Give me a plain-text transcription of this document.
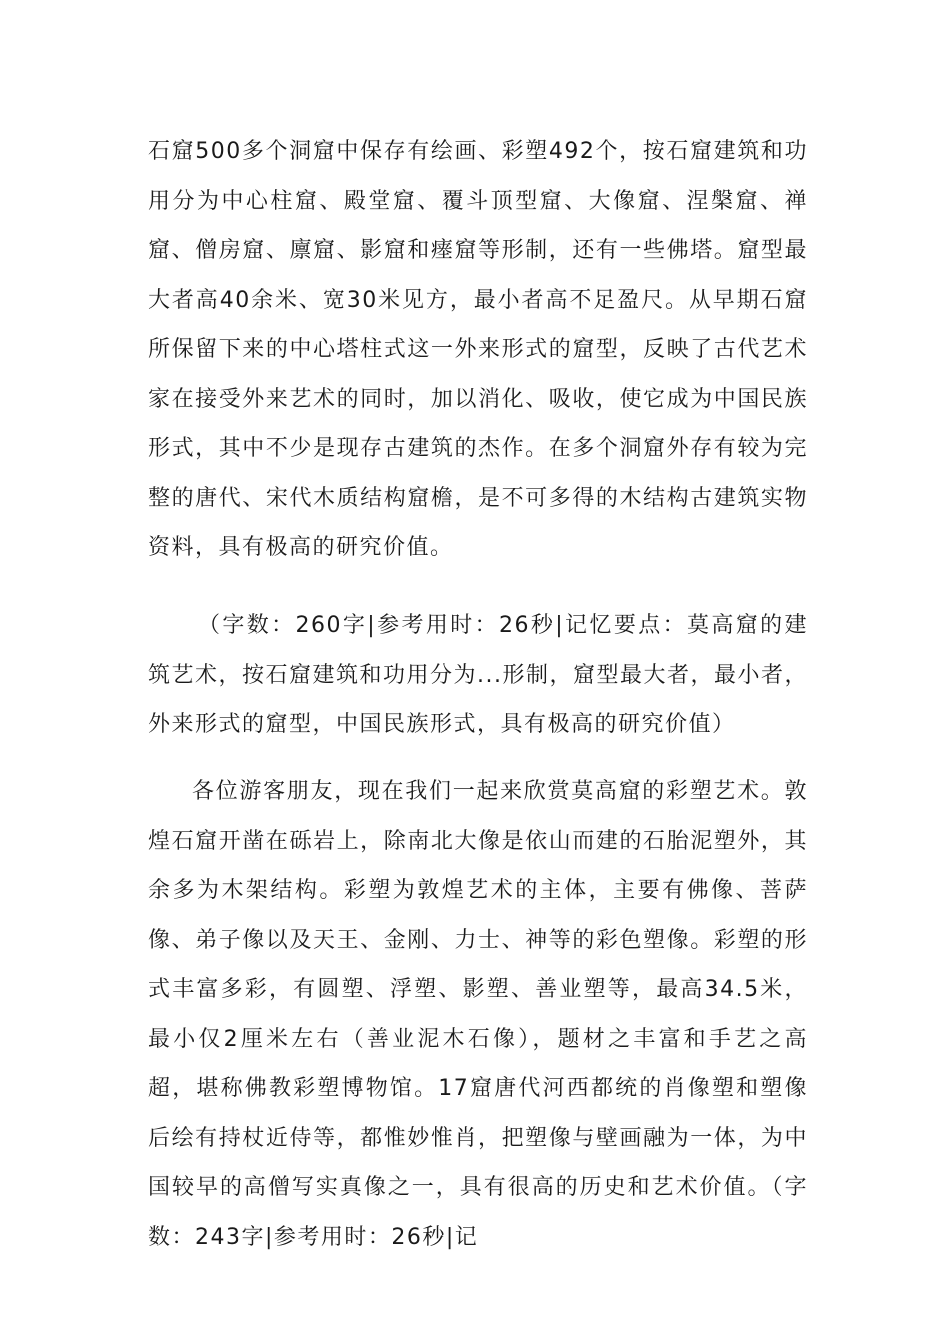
石窟500多个洞窟中保存有绘画、彩塑492个，按石窟建筑和功用分为中心柱窟、殿堂窟、覆斗顶型窟、大像窟、涅槃窟、禅窟、僧房窟、廪窟、影窟和瘗窟等形制，还有一些佛塔。窟型最大者高40余米、宽30米见方，最小者高不足盈尺。从早期石窟所保留下来的中心塔柱式这一外来形式的窟型，反映了古代艺术家在接受外来艺术的同时，加以消化、吸收，使它成为中国民族形式，其中不少是现存古建筑的杰作。在多个洞窟外存有较为完整的唐代、宋代木质结构窟檐，是不可多得的木结构古建筑实物资料，具有极高的研究价值。

（字数：260字|参考用时：26秒|记忆要点：莫高窟的建筑艺术，按石窟建筑和功用分为...形制，窟型最大者，最小者，外来形式的窟型，中国民族形式，具有极高的研究价值）

各位游客朋友，现在我们一起来欣赏莫高窟的彩塑艺术。敦煌石窟开凿在砾岩上，除南北大像是依山而建的石胎泥塑外，其余多为木架结构。彩塑为敦煌艺术的主体，主要有佛像、菩萨像、弟子像以及天王、金刚、力士、神等的彩色塑像。彩塑的形式丰富多彩，有圆塑、浮塑、影塑、善业塑等，最高34.5米，最小仅2厘米左右（善业泥木石像），题材之丰富和手艺之高超，堪称佛教彩塑博物馆。17窟唐代河西都统的肖像塑和塑像后绘有持杖近侍等，都惟妙惟肖，把塑像与壁画融为一体，为中国较早的高僧写实真像之一，具有很高的历史和艺术价值。（字数：243字|参考用时：26秒|记
